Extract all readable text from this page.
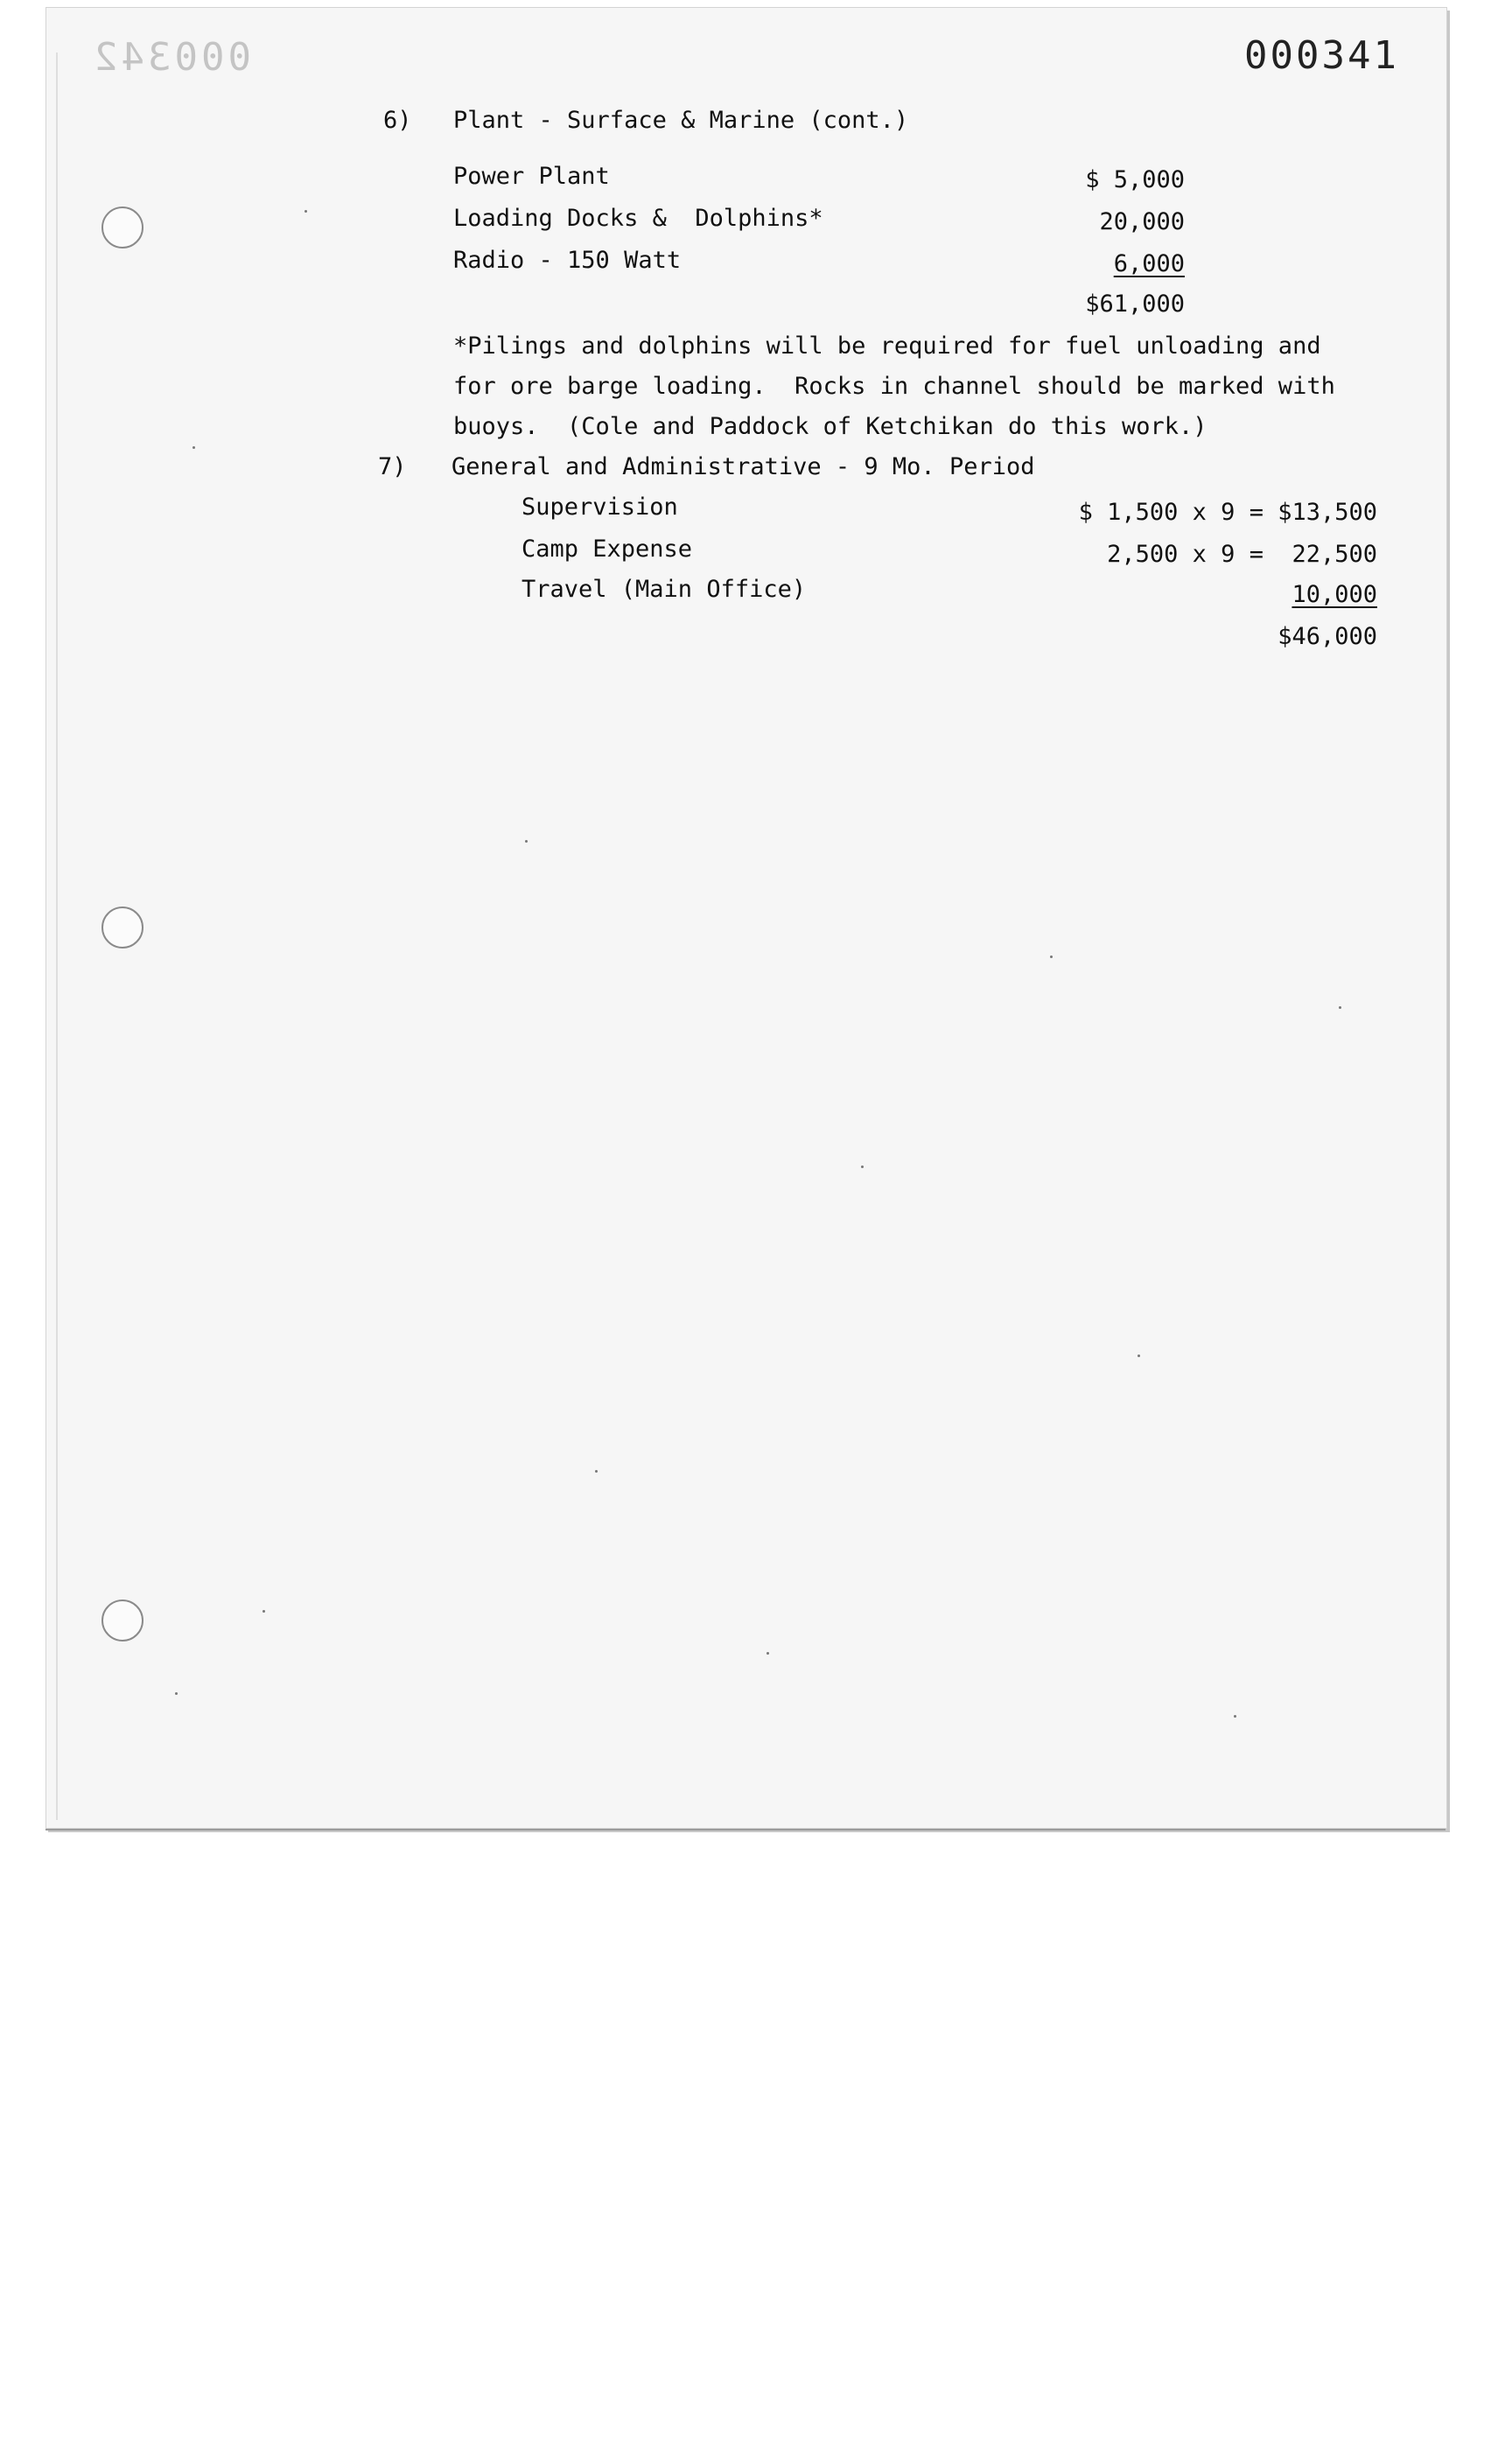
000342	000341
6) Plant - Surface & Marine (cont.)
Power Plant	$ 5,000
Loading Docks &  Dolphins*	20,000
Radio - 150 Watt	6,000
$61,000
*Pilings and dolphins will be required for fuel unloading and
for ore barge loading.  Rocks in channel should be marked with
buoys.  (Cole and Paddock of Ketchikan do this work.)
7) General and Administrative - 9 Mo. Period
Supervision	$ 1,500 x 9 = $13,500
Camp Expense	2,500 x 9 =  22,500
Travel (Main Office)	10,000
$46,000
